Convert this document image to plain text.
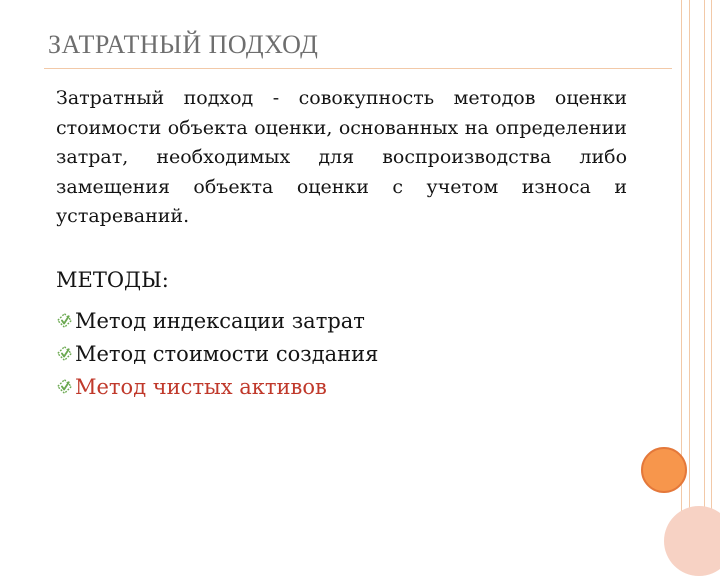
ЗАТРАТНЫЙ ПОДХОД

Затратный подход - совокупность методов оценки стоимости объекта оценки, основанных на определении затрат, необходимых для воспроизводства либо замещения объекта оценки с учетом износа и устареваний.

МЕТОДЫ:
Метод индексации затрат
Метод стоимости создания
Метод чистых активов
